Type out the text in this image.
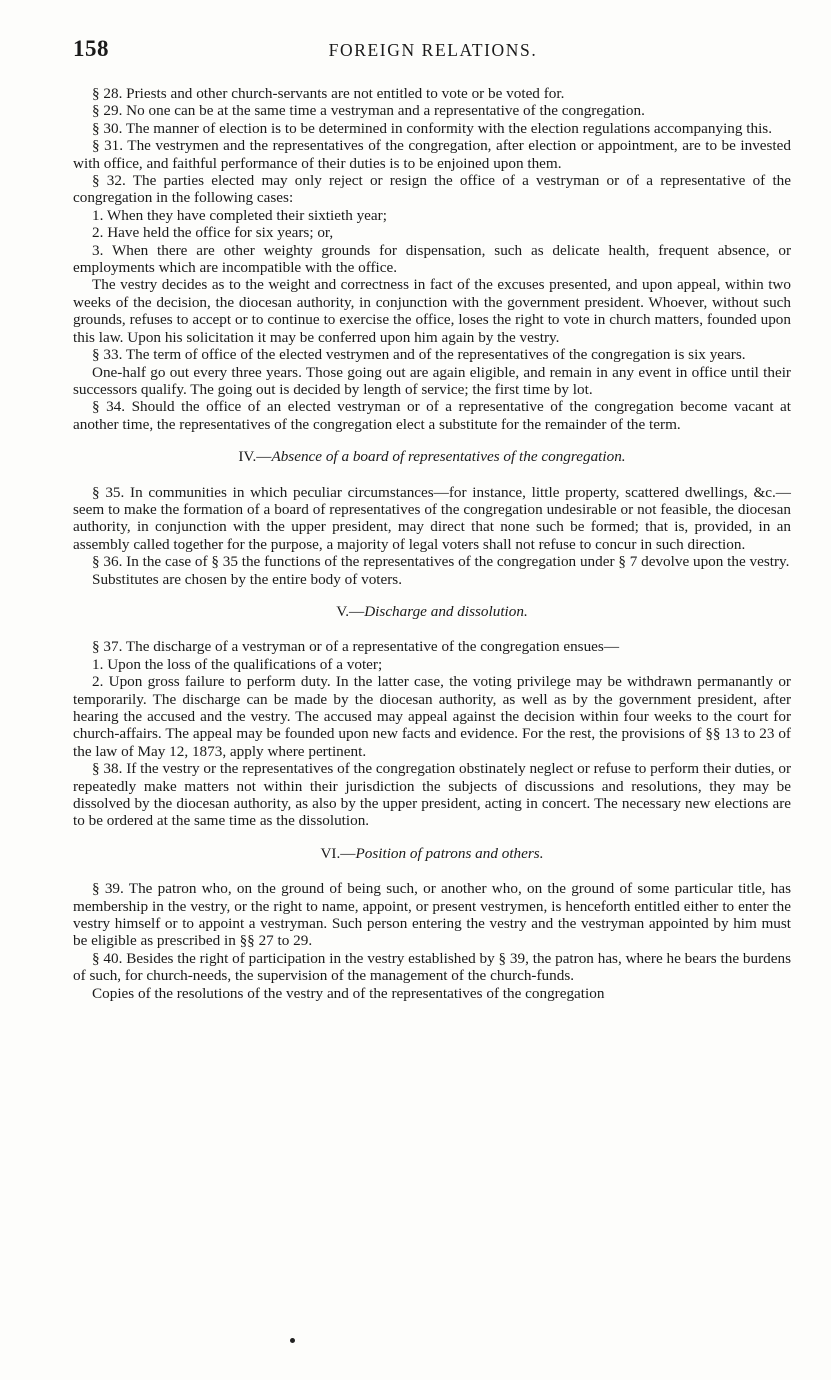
158	FOREIGN RELATIONS.

§ 28. Priests and other church-servants are not entitled to vote or be voted for.

§ 29. No one can be at the same time a vestryman and a representative of the congregation.

§ 30. The manner of election is to be determined in conformity with the election regulations accompanying this.

§ 31. The vestrymen and the representatives of the congregation, after election or appointment, are to be invested with office, and faithful performance of their duties is to be enjoined upon them.

§ 32. The parties elected may only reject or resign the office of a vestryman or of a representative of the congregation in the following cases:

1. When they have completed their sixtieth year;

2. Have held the office for six years; or,

3. When there are other weighty grounds for dispensation, such as delicate health, frequent absence, or employments which are incompatible with the office.

The vestry decides as to the weight and correctness in fact of the excuses presented, and upon appeal, within two weeks of the decision, the diocesan authority, in conjunction with the government president. Whoever, without such grounds, refuses to accept or to continue to exercise the office, loses the right to vote in church matters, founded upon this law. Upon his solicitation it may be conferred upon him again by the vestry.

§ 33. The term of office of the elected vestrymen and of the representatives of the congregation is six years.

One-half go out every three years. Those going out are again eligible, and remain in any event in office until their successors qualify. The going out is decided by length of service; the first time by lot.

§ 34. Should the office of an elected vestryman or of a representative of the congregation become vacant at another time, the representatives of the congregation elect a substitute for the remainder of the term.

IV.—Absence of a board of representatives of the congregation.

§ 35. In communities in which peculiar circumstances—for instance, little property, scattered dwellings, &c.—seem to make the formation of a board of representatives of the congregation undesirable or not feasible, the diocesan authority, in conjunction with the upper president, may direct that none such be formed; that is, provided, in an assembly called together for the purpose, a majority of legal voters shall not refuse to concur in such direction.

§ 36. In the case of § 35 the functions of the representatives of the congregation under § 7 devolve upon the vestry.

Substitutes are chosen by the entire body of voters.

V.—Discharge and dissolution.

§ 37. The discharge of a vestryman or of a representative of the congregation ensues—

1. Upon the loss of the qualifications of a voter;

2. Upon gross failure to perform duty. In the latter case, the voting privilege may be withdrawn permanantly or temporarily. The discharge can be made by the diocesan authority, as well as by the government president, after hearing the accused and the vestry. The accused may appeal against the decision within four weeks to the court for church-affairs. The appeal may be founded upon new facts and evidence. For the rest, the provisions of §§ 13 to 23 of the law of May 12, 1873, apply where pertinent.

§ 38. If the vestry or the representatives of the congregation obstinately neglect or refuse to perform their duties, or repeatedly make matters not within their jurisdiction the subjects of discussions and resolutions, they may be dissolved by the diocesan authority, as also by the upper president, acting in concert. The necessary new elections are to be ordered at the same time as the dissolution.

VI.—Position of patrons and others.

§ 39. The patron who, on the ground of being such, or another who, on the ground of some particular title, has membership in the vestry, or the right to name, appoint, or present vestrymen, is henceforth entitled either to enter the vestry himself or to appoint a vestryman. Such person entering the vestry and the vestryman appointed by him must be eligible as prescribed in §§ 27 to 29.

§ 40. Besides the right of participation in the vestry established by § 39, the patron has, where he bears the burdens of such, for church-needs, the supervision of the management of the church-funds.

Copies of the resolutions of the vestry and of the representatives of the congregation
